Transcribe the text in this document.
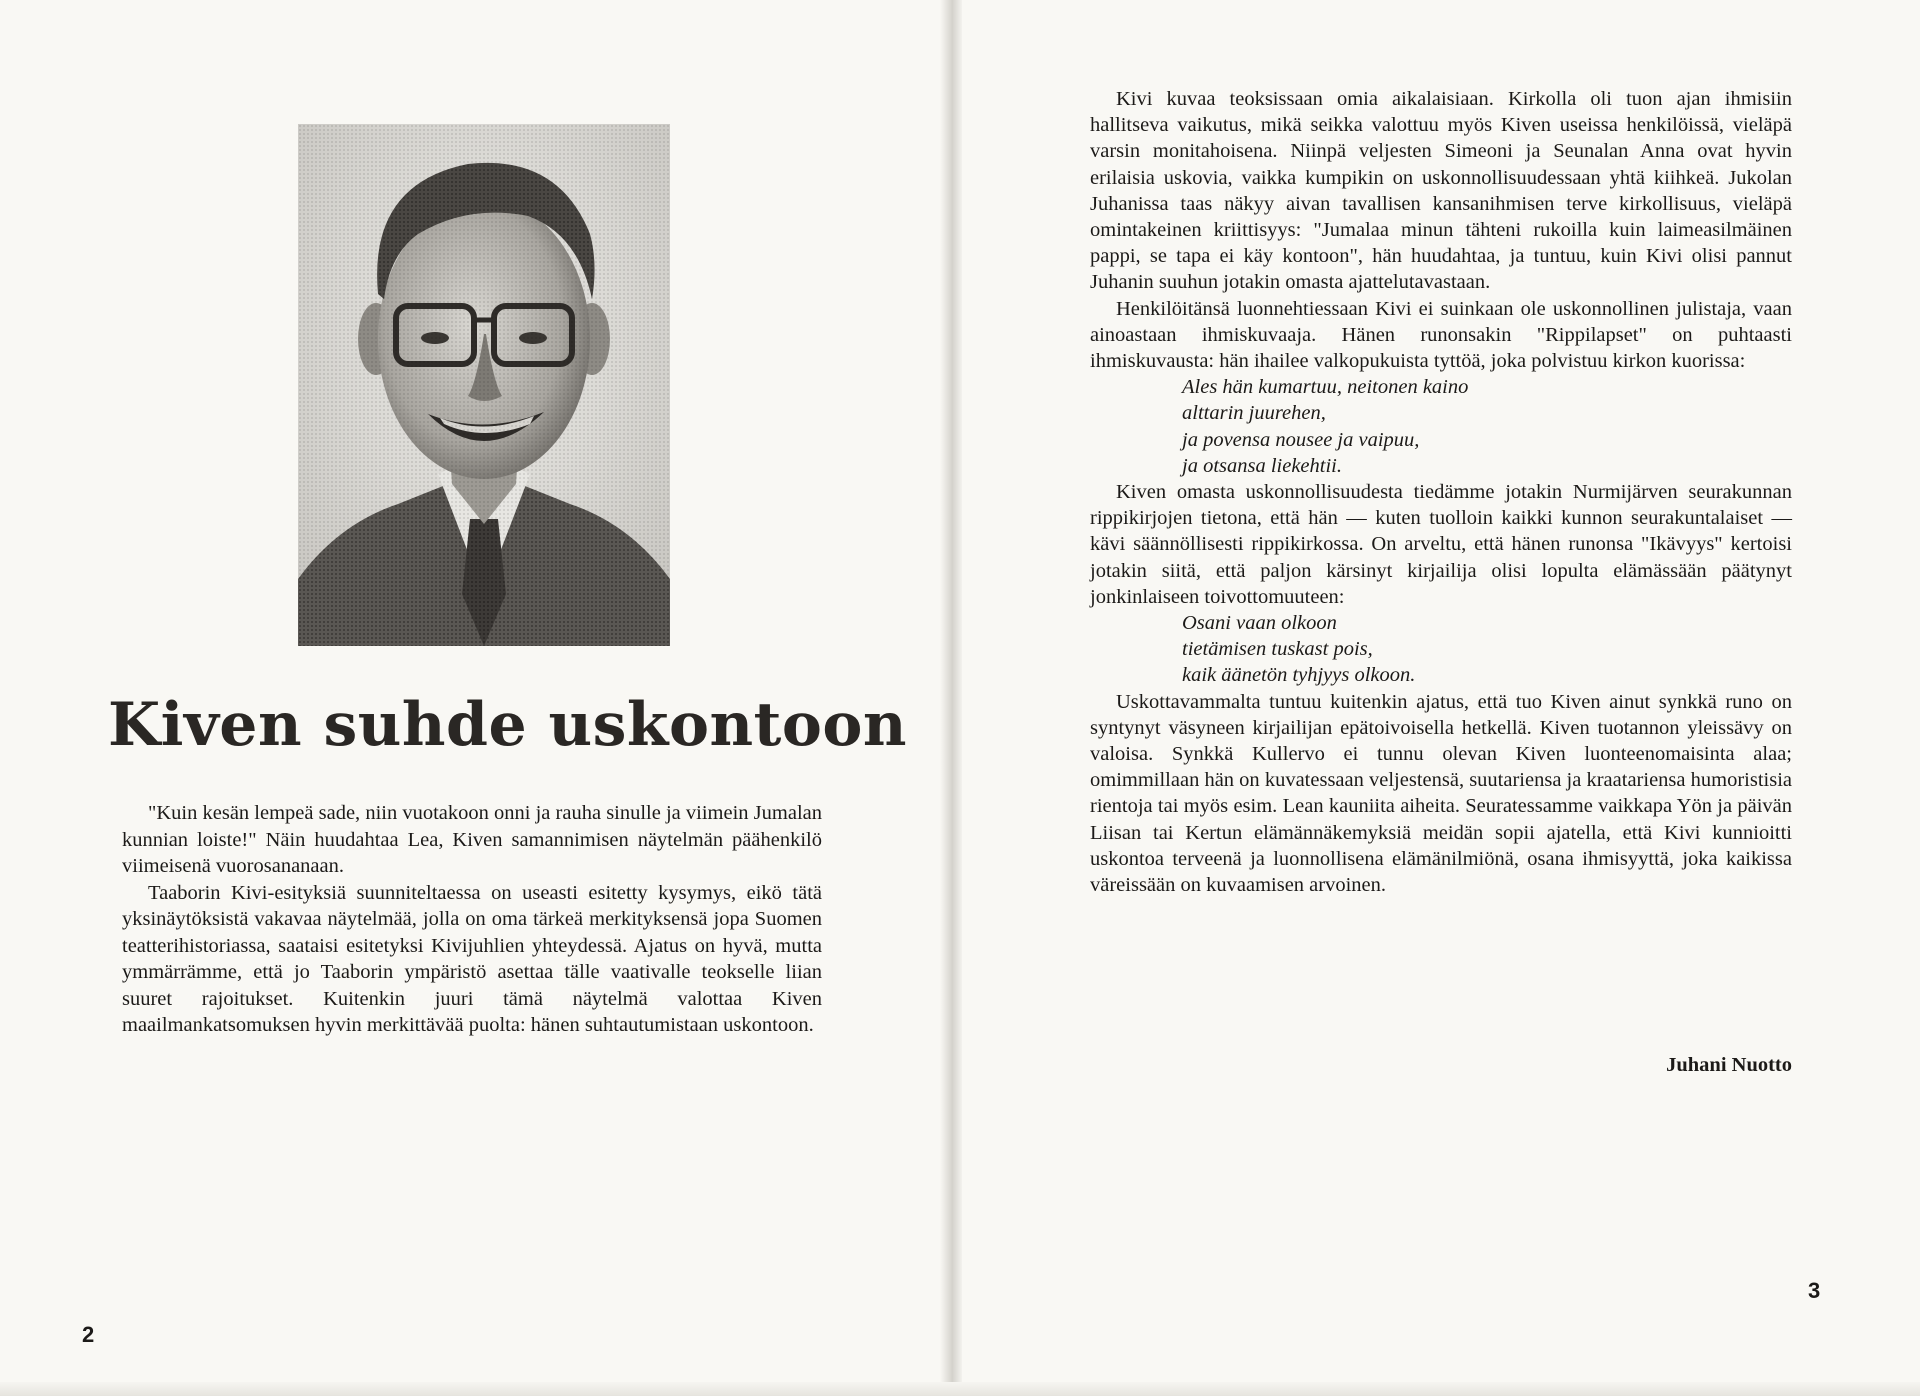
Kiven suhde uskontoon

"Kuin kesän lempeä sade, niin vuotakoon onni ja rauha sinulle ja viimein Jumalan kunnian loiste!" Näin huudahtaa Lea, Kiven samannimisen näytelmän päähenkilö viimeisenä vuorosananaan.

Taaborin Kivi-esityksiä suunniteltaessa on useasti esitetty kysymys, eikö tätä yksinäytöksistä vakavaa näytelmää, jolla on oma tärkeä merkityksensä jopa Suomen teatterihistoriassa, saataisi esitetyksi Kivijuhlien yhteydessä. Ajatus on hyvä, mutta ymmärrämme, että jo Taaborin ympäristö asettaa tälle vaativalle teokselle liian suuret rajoitukset. Kuitenkin juuri tämä näytelmä valottaa Kiven maailmankatsomuksen hyvin merkittävää puolta: hänen suhtautumistaan uskontoon.

2

Kivi kuvaa teoksissaan omia aikalaisiaan. Kirkolla oli tuon ajan ihmisiin hallitseva vaikutus, mikä seikka valottuu myös Kiven useissa henkilöissä, vieläpä varsin monitahoisena. Niinpä veljesten Simeoni ja Seunalan Anna ovat hyvin erilaisia uskovia, vaikka kumpikin on uskonnollisuudessaan yhtä kiihkeä. Jukolan Juhanissa taas näkyy aivan tavallisen kansanihmisen terve kirkollisuus, vieläpä omintakeinen kriittisyys: "Jumalaa minun tähteni rukoilla kuin laimeasilmäinen pappi, se tapa ei käy kontoon", hän huudahtaa, ja tuntuu, kuin Kivi olisi pannut Juhanin suuhun jotakin omasta ajattelutavastaan.

Henkilöitänsä luonnehtiessaan Kivi ei suinkaan ole uskonnollinen julistaja, vaan ainoastaan ihmiskuvaaja. Hänen runonsakin "Rippilapset" on puhtaasti ihmiskuvausta: hän ihailee valkopukuista tyttöä, joka polvistuu kirkon kuorissa:

Ales hän kumartuu, neitonen kaino
alttarin juurehen,
ja povensa nousee ja vaipuu,
ja otsansa liekehtii.

Kiven omasta uskonnollisuudesta tiedämme jotakin Nurmijärven seurakunnan rippikirjojen tietona, että hän — kuten tuolloin kaikki kunnon seurakuntalaiset — kävi säännöllisesti rippikirkossa. On arveltu, että hänen runonsa "Ikävyys" kertoisi jotakin siitä, että paljon kärsinyt kirjailija olisi lopulta elämässään päätynyt jonkinlaiseen toivottomuuteen:

Osani vaan olkoon
tietämisen tuskast pois,
kaik äänetön tyhjyys olkoon.

Uskottavammalta tuntuu kuitenkin ajatus, että tuo Kiven ainut synkkä runo on syntynyt väsyneen kirjailijan epätoivoisella hetkellä. Kiven tuotannon yleissävy on valoisa. Synkkä Kullervo ei tunnu olevan Kiven luonteenomaisinta alaa; omimmillaan hän on kuvatessaan veljestensä, suutariensa ja kraatariensa humoristisia rientoja tai myös esim. Lean kauniita aiheita. Seuratessamme vaikkapa Yön ja päivän Liisan tai Kertun elämännäkemyksiä meidän sopii ajatella, että Kivi kunnioitti uskontoa terveenä ja luonnollisena elämänilmiönä, osana ihmisyyttä, joka kaikissa väreissään on kuvaamisen arvoinen.

Juhani Nuotto
3
